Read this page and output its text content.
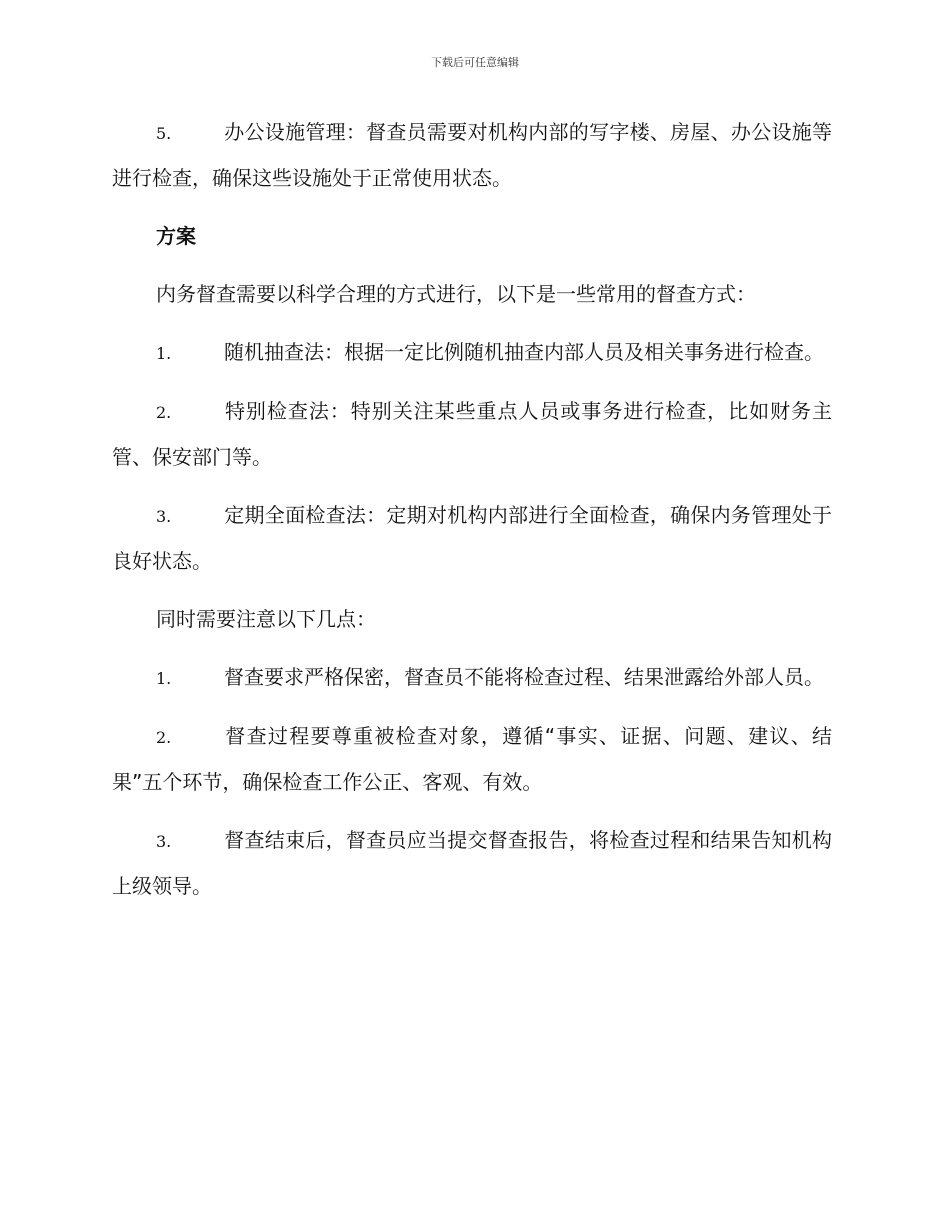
下载后可任意编辑

5.	办公设施管理：督查员需要对机构内部的写字楼、房屋、办公设施等进行检查，确保这些设施处于正常使用状态。

方案

内务督查需要以科学合理的方式进行，以下是一些常用的督查方式：

1.	随机抽查法：根据一定比例随机抽查内部人员及相关事务进行检查。

2.	特别检查法：特别关注某些重点人员或事务进行检查，比如财务主管、保安部门等。

3.	定期全面检查法：定期对机构内部进行全面检查，确保内务管理处于良好状态。

同时需要注意以下几点：

1.	督查要求严格保密，督查员不能将检查过程、结果泄露给外部人员。

2.	督查过程要尊重被检查对象，遵循“事实、证据、问题、建议、结果”五个环节，确保检查工作公正、客观、有效。

3.	督查结束后，督查员应当提交督查报告，将检查过程和结果告知机构上级领导。
